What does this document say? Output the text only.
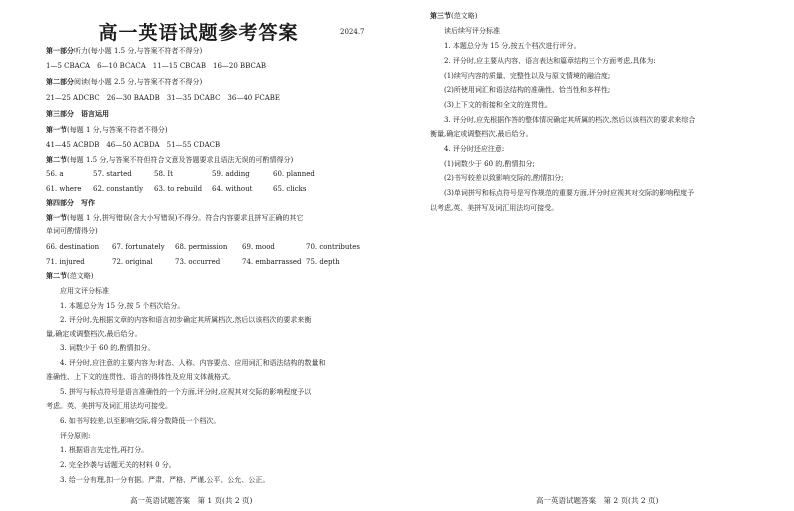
高一英语试题参考答案	2024.7
第一部分听力(每小题 1.5 分,与答案不符者不得分)
1—5 CBACA　6—10 BCACA　11—15 CBCAB　16—20 BBCAB
第二部分阅读(每小题 2.5 分,与答案不符者不得分)
21—25 ADCBC　26—30 BAADB　31—35 DCABC　36—40 FCABE
第三部分　语言运用
第一节(每题 1 分,与答案不符者不得分)
41—45 ACBDB　46—50 ACBDA　51—55 CDACB
第二节(每题 1.5 分,与答案不符但符合文意及答题要求且语法无误的可酌情得分)
56. a	57. started	58. It	59. adding	60. planned
61. where 62. constantly 63. to rebuild 64. without	65. clicks
第四部分　写作
第一节(每题 1 分,拼写错误(含大小写错误)不得分。符合内容要求且拼写正确的其它
单词可酌情得分)
66. destination 67. fortunately 68. permission 69. mood	70. contributes
71. injured	72. original	73. occurred	74. embarrassed 75. depth
第二节(范文略)
应用文评分标准
1. 本题总分为 15 分,按 5 个档次给分。
2. 评分时,先根据文章的内容和语言初步确定其所属档次,然后以该档次的要求来衡
量,确定或调整档次,最后给分。
3. 词数少于 60 的,酌情扣分。
4. 评分时,应注意的主要内容为:时态、人称、内容要点、应用词汇和语法结构的数量和
准确性、上下文的连贯性、语言的得体性及应用文体裁格式。
5. 拼写与标点符号是语言准确性的一个方面,评分时,应视其对交际的影响程度予以
考虑。英、美拼写及词汇用法均可接受。
6. 如书写较差,以至影响交际,将分数降低一个档次。
评分原则:
1. 根据语言先定性,再打分。
2. 完全抄袭与话题无关的材料 0 分。
3. 给一分有理,扣一分有据。严肃、严格、严谨,公平、公允、公正。
高一英语试题答案　第 1 页(共 2 页)
第三节(范文略)
读后续写评分标准
1. 本题总分为 15 分,按五个档次进行评分。
2. 评分时,应主要从内容、语言表达和篇章结构三个方面考虑,具体为:
(1)续写内容的质量、完整性以及与原文情境的融洽度;
(2)所使用词汇和语法结构的准确性、恰当性和多样性;
(3)上下文的衔接和全文的连贯性。
3. 评分时,应先根据作答的整体情况确定其所属的档次,然后以该档次的要求来综合
衡量,确定或调整档次,最后给分。
4. 评分时还应注意:
(1)词数少于 60 的,酌情扣分;
(2)书写较差以致影响交际的,酌情扣分;
(3)单词拼写和标点符号是写作规范的重要方面,评分时应视其对交际的影响程度予
以考虑,英、美拼写及词汇用法均可接受。
高一英语试题答案　第 2 页(共 2 页)
